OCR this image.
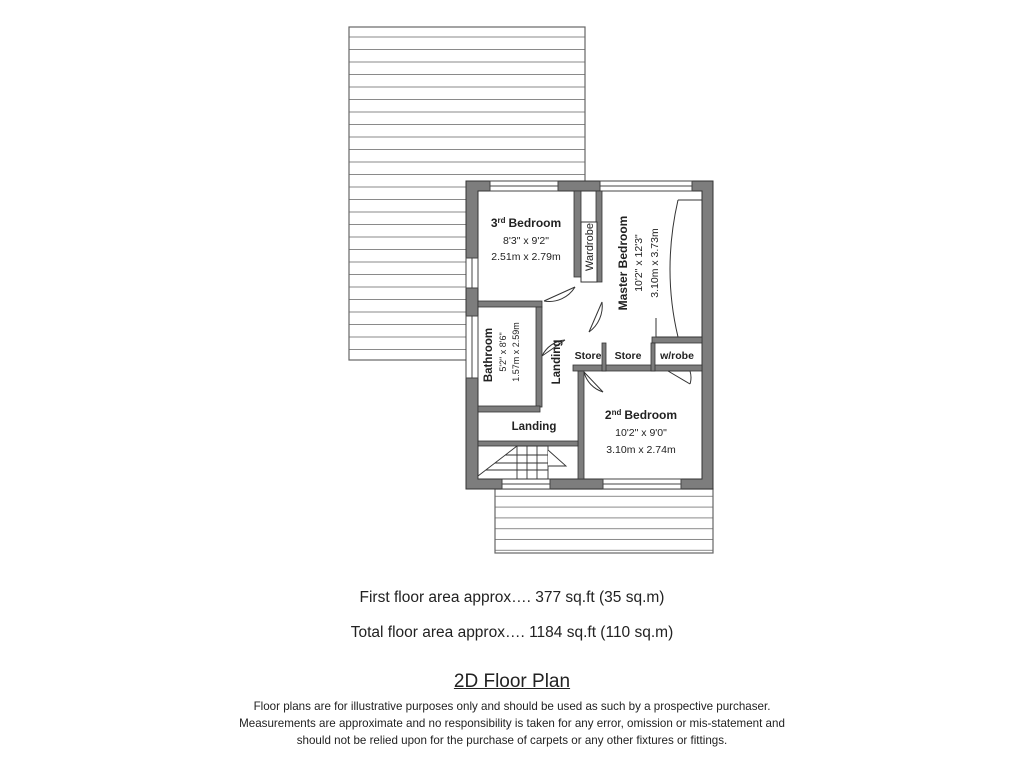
3rd Bedroom
8'3" x 9'2"
2.51m x 2.79m Wardrobe Master Bedroom 10'2" x 12'3" 3.10m x 3.73m
Bathroom 5'2" x 8'6" 1.57m x 2.59m	Landing
Landing
Store Store w/robe
2nd Bedroom
10'2" x 9'0"
3.10m x 2.74m
First floor area approx…. 377 sq.ft (35 sq.m)
Total floor area approx…. 1184 sq.ft (110 sq.m)
2D Floor Plan
Floor plans are for illustrative purposes only and should be used as such by a prospective purchaser.
Measurements are approximate and no responsibility is taken for any error, omission or mis-statement and
should not be relied upon for the purchase of carpets or any other fixtures or fittings.
